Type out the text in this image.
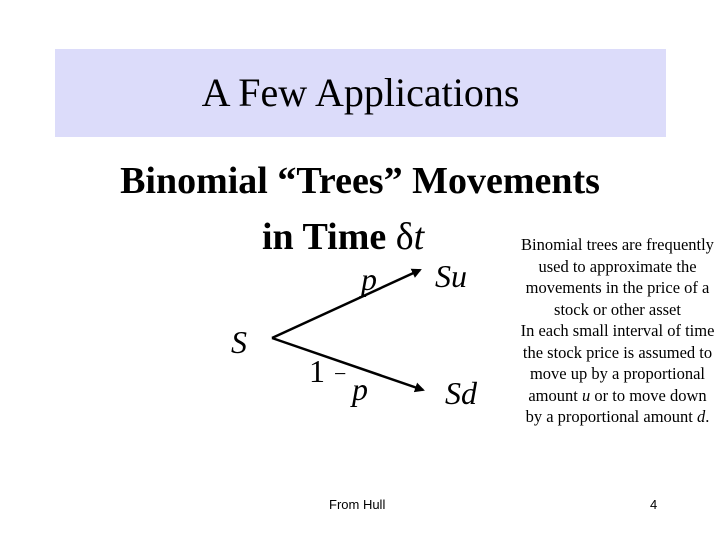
A Few Applications
Binomial “Trees” Movements
in Time δt
S
Su
Sd
p
1 − p

Binomial trees are frequently used to approximate the movements in the price of a stock or other asset

In each small interval of time the stock price is assumed to move up by a proportional amount u or to move down by a proportional amount d.

From Hull	4
